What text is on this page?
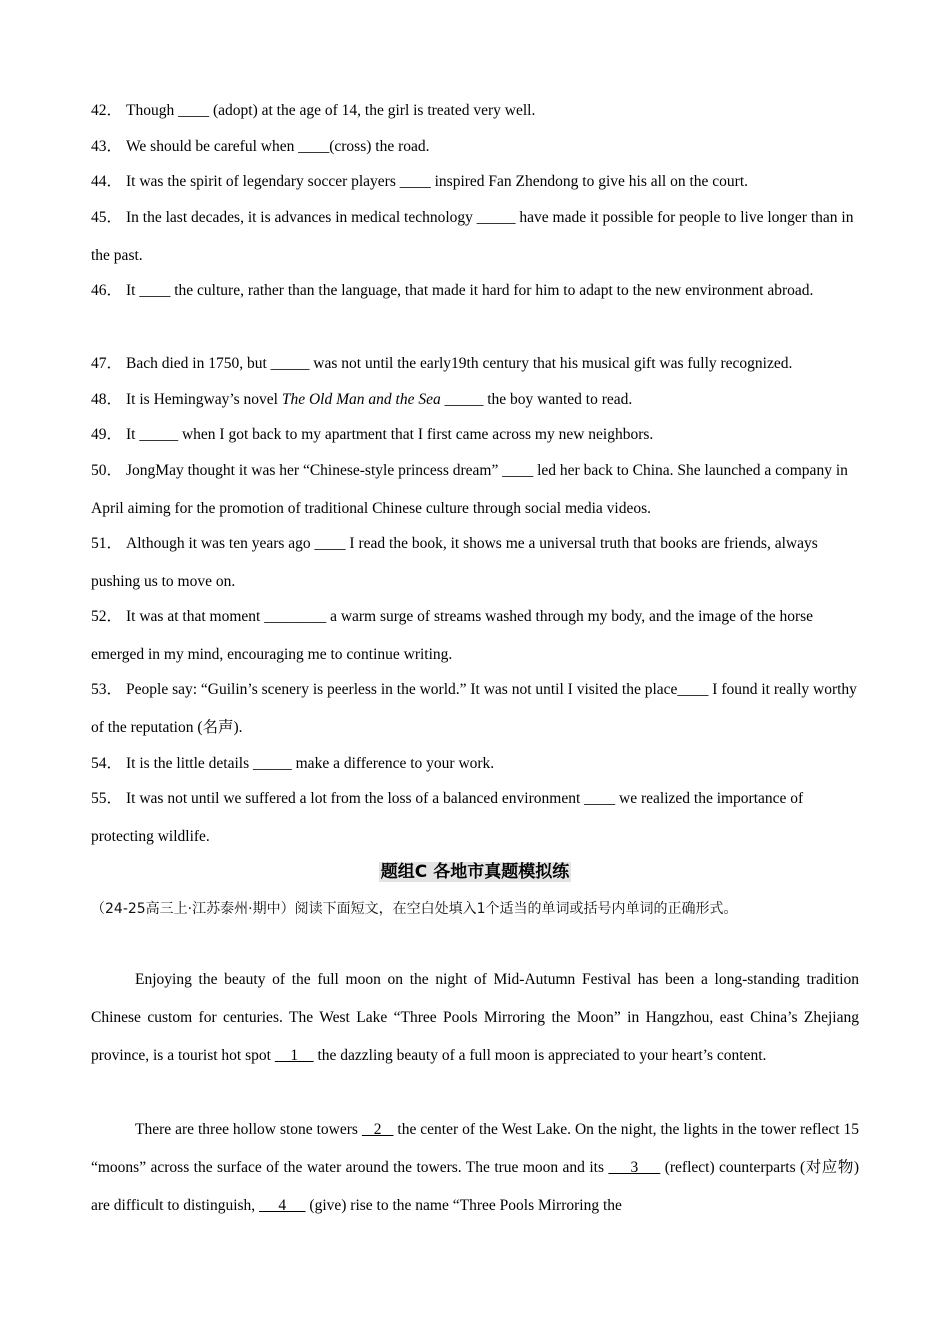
42． Though ____ (adopt) at the age of 14, the girl is treated very well.
43． We should be careful when ____(cross) the road.
44． It was the spirit of legendary soccer players ____ inspired Fan Zhendong to give his all on the court.
45． In the last decades, it is advances in medical technology _____ have made it possible for people to live longer than in the past.
46． It ____ the culture, rather than the language, that made it hard for him to adapt to the new environment abroad.
47． Bach died in 1750, but _____ was not until the early19th century that his musical gift was fully recognized.
48． It is Hemingway’s novel The Old Man and the Sea _____ the boy wanted to read.
49． It _____ when I got back to my apartment that I first came across my new neighbors.
50． JongMay thought it was her “Chinese-style princess dream” ____ led her back to China. She launched a company in April aiming for the promotion of traditional Chinese culture through social media videos.
51． Although it was ten years ago ____ I read the book, it shows me a universal truth that books are friends, always pushing us to move on.
52． It was at that moment ________ a warm surge of streams washed through my body, and the image of the horse emerged in my mind, encouraging me to continue writing.
53． People say: “Guilin’s scenery is peerless in the world.” It was not until I visited the place____ I found it really worthy of the reputation (名声).
54． It is the little details _____ make a difference to your work.
55． It was not until we suffered a lot from the loss of a balanced environment ____ we realized the importance of protecting wildlife.
题组C 各地市真题模拟练
（24-25高三上·江苏泰州·期中）阅读下面短文，在空白处填入1个适当的单词或括号内单词的正确形式。
Enjoying the beauty of the full moon on the night of Mid-Autumn Festival has been a long-standing tradition Chinese custom for centuries. The West Lake “Three Pools Mirroring the Moon” in Hangzhou, east China’s Zhejiang province, is a tourist hot spot     1     the dazzling beauty of a full moon is appreciated to your heart’s content.
There are three hollow stone towers    2    the center of the West Lake. On the night, the lights in the tower reflect 15 “moons” across the surface of the water around the towers. The true moon and its      3      (reflect) counterparts (对应物) are difficult to distinguish,      4      (give) rise to the name “Three Pools Mirroring the
